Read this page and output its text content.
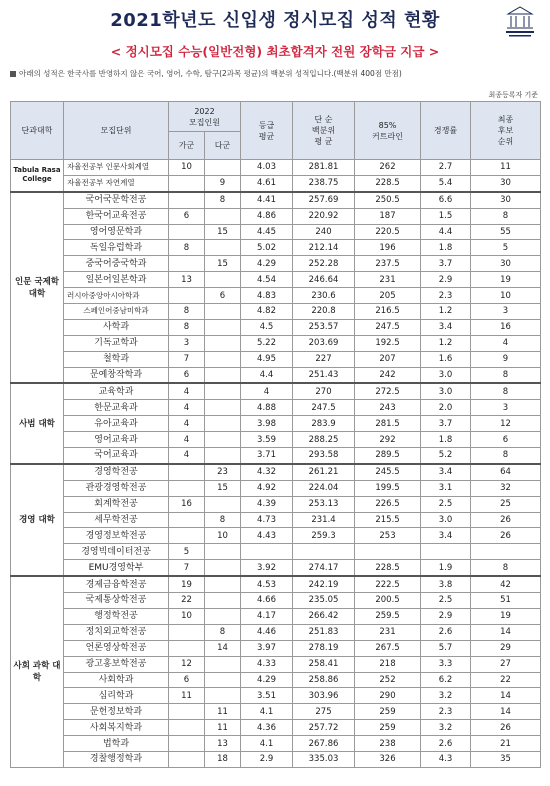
2021학년도 신입생 정시모집 성적 현황
< 정시모집 수능(일반전형) 최초합격자 전원 장학금 지급 >
아래의 성적은 한국사를 반영하지 않은 국어, 영어, 수학, 탐구(2과목 평균)의 백분위 성적입니다.(백분위 400점 만점)
최종등록자 기준
단과대학	모집단위	2022
모집인원		등급
평균	단 순
백분위
평 균	85%
커트라인	경쟁률	최종
후보
순위
		가군	다군					
Tabula Rasa College	자율전공부 인문사회계열	10		4.03	281.81	262	2.7	11
	자율전공부 자연계열		9	4.61	238.75	228.5	5.4	30
인문 국제학 대학	국어국문학전공		8	4.41	257.69	250.5	6.6	30
	한국어교육전공	6		4.86	220.92	187	1.5	8
	영어영문학과		15	4.45	240	220.5	4.4	55
	독일유럽학과	8		5.02	212.14	196	1.8	5
	중국어중국학과		15	4.29	252.28	237.5	3.7	30
	일본어일본학과	13		4.54	246.64	231	2.9	19
	러시아중앙아시아학과		6	4.83	230.6	205	2.3	10
	스페인어중남미학과	8		4.82	220.8	216.5	1.2	3
	사학과	8		4.5	253.57	247.5	3.4	16
	기독교학과	3		5.22	203.69	192.5	1.2	4
	철학과	7		4.95	227	207	1.6	9
	문예창작학과	6		4.4	251.43	242	3.0	8
사범 대학	교육학과	4		4	270	272.5	3.0	8
	한문교육과	4		4.88	247.5	243	2.0	3
	유아교육과	4		3.98	283.9	281.5	3.7	12
	영어교육과	4		3.59	288.25	292	1.8	6
	국어교육과	4		3.71	293.58	289.5	5.2	8
경영 대학	경영학전공		23	4.32	261.21	245.5	3.4	64
	관광경영학전공		15	4.92	224.04	199.5	3.1	32
	회계학전공	16		4.39	253.13	226.5	2.5	25
	세무학전공		8	4.73	231.4	215.5	3.0	26
	경영정보학전공		10	4.43	259.3	253	3.4	26
	경영빅데이터전공	5						
	EMU경영학부	7		3.92	274.17	228.5	1.9	8
사회 과학 대학	경제금융학전공	19		4.53	242.19	222.5	3.8	42
	국제통상학전공	22		4.66	235.05	200.5	2.5	51
	행정학전공	10		4.17	266.42	259.5	2.9	19
	정치외교학전공		8	4.46	251.83	231	2.6	14
	언론영상학전공		14	3.97	278.19	267.5	5.7	29
	광고홍보학전공	12		4.33	258.41	218	3.3	27
	사회학과	6		4.29	258.86	252	6.2	22
	심리학과	11		3.51	303.96	290	3.2	14
	문헌정보학과		11	4.1	275	259	2.3	14
	사회복지학과		11	4.36	257.72	259	3.2	26
	법학과		13	4.1	267.86	238	2.6	21
	경찰행정학과		18	2.9	335.03	326	4.3	35
